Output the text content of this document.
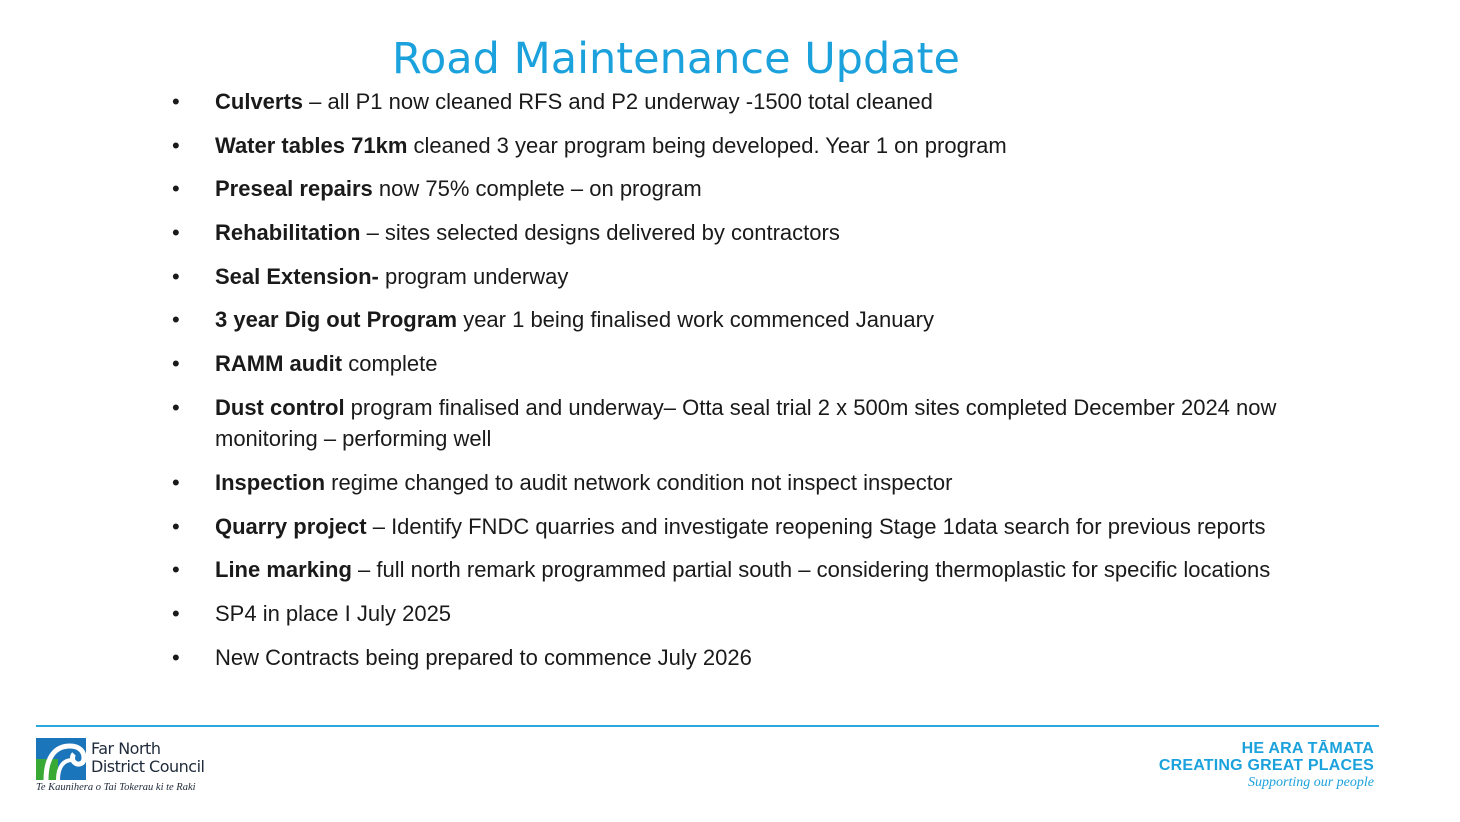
Road Maintenance Update
• Culverts – all P1 now cleaned RFS and P2 underway -1500 total cleaned
• Water tables 71km cleaned 3 year program being developed. Year 1 on program
• Preseal repairs now 75% complete – on program
• Rehabilitation – sites selected designs delivered by contractors
• Seal Extension- program underway
• 3 year Dig out Program year 1 being finalised work commenced January
• RAMM audit complete
• Dust control program finalised and underway– Otta seal trial 2 x 500m sites completed December 2024 now monitoring – performing well
• Inspection regime changed to audit network condition not inspect inspector
• Quarry project – Identify FNDC quarries and investigate reopening Stage 1data search for previous reports
• Line marking – full north remark programmed partial south – considering thermoplastic for specific locations
• SP4 in place I July 2025
• New Contracts being prepared to commence July 2026
Far North
District Council
Te Kaunihera o Tai Tokerau ki te Raki
HE ARA TĀMATA
CREATING GREAT PLACES
Supporting our people
